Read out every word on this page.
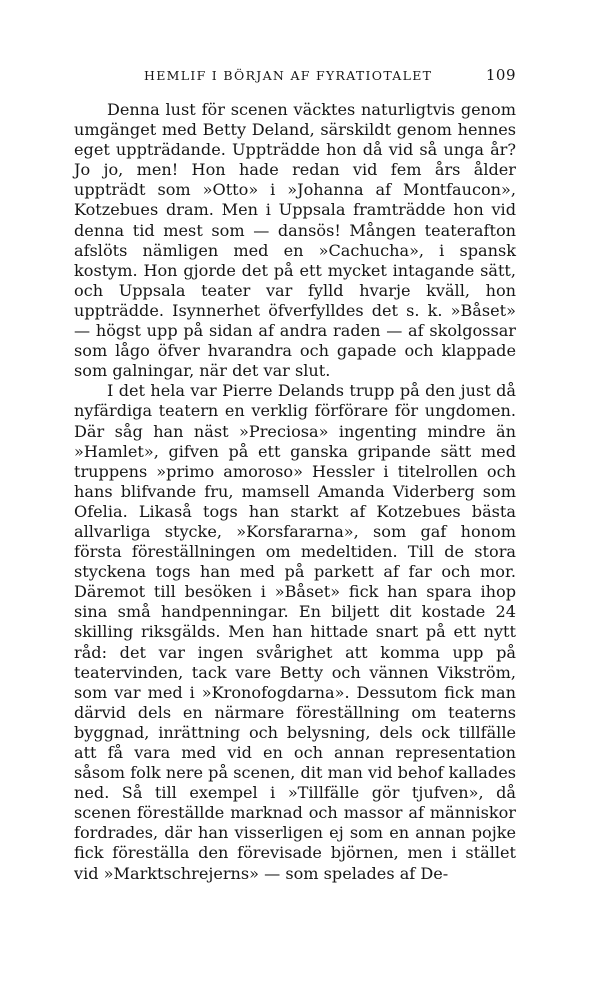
HEMLIF I BÖRJAN AF FYRATIOTALET	109

Denna lust för scenen väcktes naturligtvis genom umgänget med Betty Deland, särskildt genom hennes eget uppträdande. Uppträdde hon då vid så unga år? Jo jo, men! Hon hade redan vid fem års ålder uppträdt som »Otto» i »Johanna af Montfaucon», Kotzebues dram. Men i Uppsala framträdde hon vid denna tid mest som — dansös! Mången teaterafton afslöts nämligen med en »Cachucha», i spansk kostym. Hon gjorde det på ett mycket intagande sätt, och Uppsala teater var fylld hvarje kväll, hon uppträdde. Isynnerhet öfverfylldes det s. k. »Båset» — högst upp på sidan af andra raden — af skolgossar som lågo öfver hvarandra och gapade och klappade som galningar, när det var slut.

I det hela var Pierre Delands trupp på den just då nyfärdiga teatern en verklig förförare för ungdomen. Där såg han näst »Preciosa» ingenting mindre än »Hamlet», gifven på ett ganska gripande sätt med truppens »primo amoroso» Hessler i titelrollen och hans blifvande fru, mamsell Amanda Viderberg som Ofelia. Likaså togs han starkt af Kotzebues bästa allvarliga stycke, »Korsfararna», som gaf honom första föreställningen om medeltiden. Till de stora styckena togs han med på parkett af far och mor. Däremot till besöken i »Båset» fick han spara ihop sina små handpenningar. En biljett dit kostade 24 skilling riksgälds. Men han hittade snart på ett nytt råd: det var ingen svårighet att komma upp på teatervinden, tack vare Betty och vännen Vikström, som var med i »Kronofogdarna». Dessutom fick man därvid dels en närmare föreställning om teaterns byggnad, inrättning och belysning, dels ock tillfälle att få vara med vid en och annan representation såsom folk nere på scenen, dit man vid behof kallades ned. Så till exempel i »Tillfälle gör tjufven», då scenen föreställde marknad och massor af människor fordrades, där han visserligen ej som en annan pojke fick föreställa den förevisade björnen, men i stället vid »Marktschrejerns» — som spelades af De-
